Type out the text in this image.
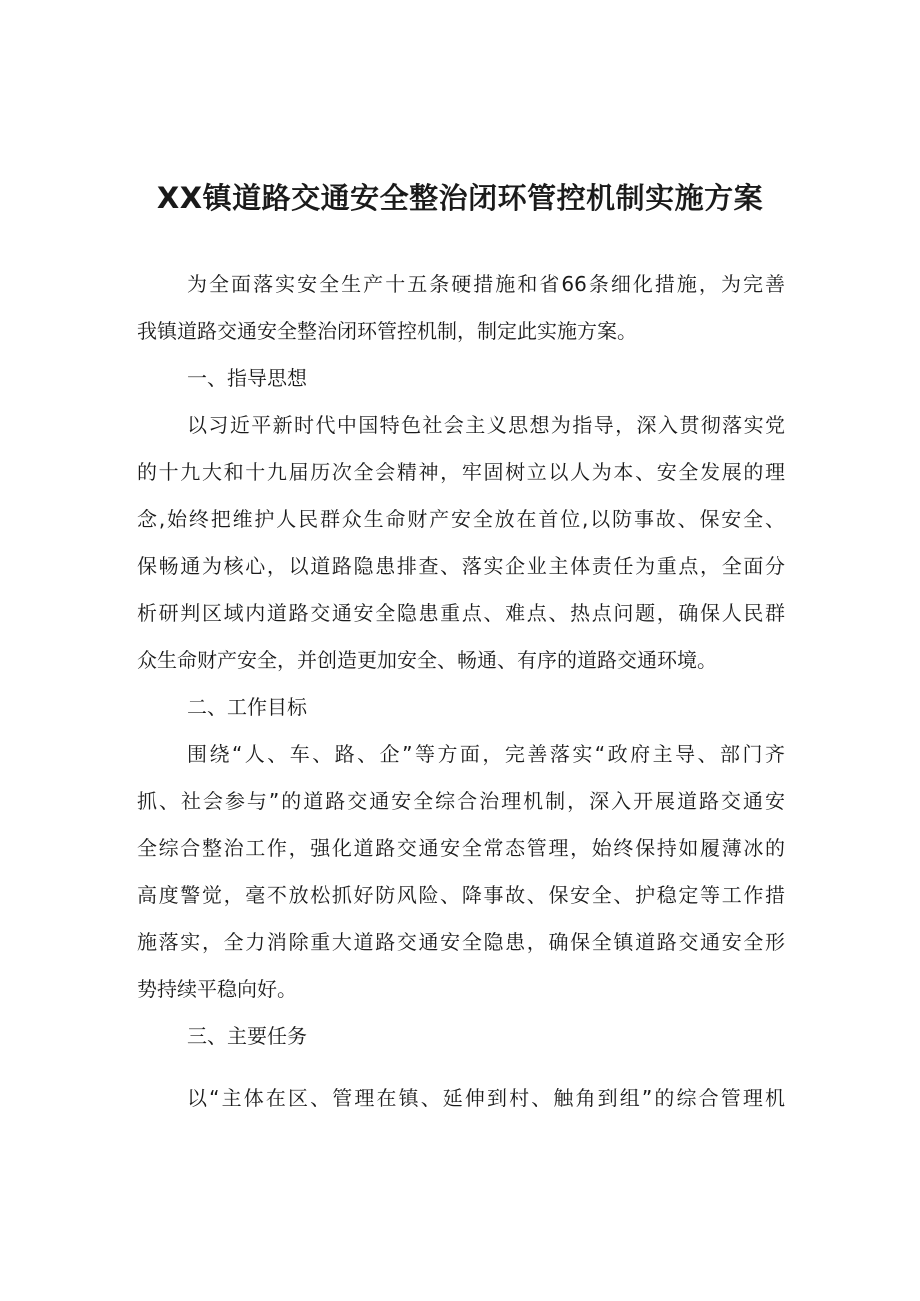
XX镇道路交通安全整治闭环管控机制实施方案
为全面落实安全生产十五条硬措施和省66条细化措施，为完善
我镇道路交通安全整治闭环管控机制，制定此实施方案。
一、指导思想
以习近平新时代中国特色社会主义思想为指导，深入贯彻落实党
的十九大和十九届历次全会精神，牢固树立以人为本、安全发展的理
念,始终把维护人民群众生命财产安全放在首位,以防事故、保安全、
保畅通为核心，以道路隐患排查、落实企业主体责任为重点，全面分
析研判区域内道路交通安全隐患重点、难点、热点问题，确保人民群
众生命财产安全，并创造更加安全、畅通、有序的道路交通环境。
二、工作目标
围绕“人、车、路、企”等方面，完善落实“政府主导、部门齐
抓、社会参与”的道路交通安全综合治理机制，深入开展道路交通安
全综合整治工作，强化道路交通安全常态管理，始终保持如履薄冰的
高度警觉，毫不放松抓好防风险、降事故、保安全、护稳定等工作措
施落实，全力消除重大道路交通安全隐患，确保全镇道路交通安全形
势持续平稳向好。
三、主要任务
以“主体在区、管理在镇、延伸到村、触角到组”的综合管理机
